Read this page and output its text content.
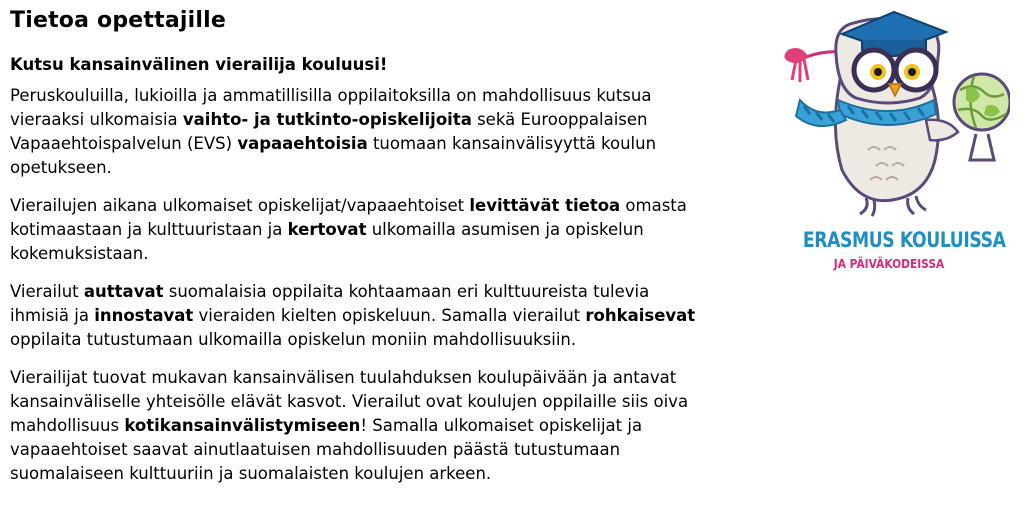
Tietoa opettajille
Kutsu kansainvälinen vierailija kouluusi!

Peruskouluilla, lukioilla ja ammatillisilla oppilaitoksilla on mahdollisuus kutsua vieraaksi ulkomaisia vaihto- ja tutkinto-opiskelijoita sekä Eurooppalaisen Vapaaehtoispalvelun (EVS) vapaaehtoisia tuomaan kansainvälisyyttä koulun opetukseen.

Vierailujen aikana ulkomaiset opiskelijat/vapaaehtoiset levittävät tietoa omasta kotimaastaan ja kulttuuristaan ja kertovat ulkomailla asumisen ja opiskelun kokemuksistaan.

Vierailut auttavat suomalaisia oppilaita kohtaamaan eri kulttuureista tulevia ihmisiä ja innostavat vieraiden kielten opiskeluun. Samalla vierailut rohkaisevat oppilaita tutustumaan ulkomailla opiskelun moniin mahdollisuuksiin.

Vierailijat tuovat mukavan kansainvälisen tuulahduksen koulupäivään ja antavat kansainväliselle yhteisölle elävät kasvot. Vierailut ovat koulujen oppilaille siis oiva mahdollisuus kotikansainvälistymiseen! Samalla ulkomaiset opiskelijat ja vapaaehtoiset saavat ainutlaatuisen mahdollisuuden päästä tutustumaan suomalaiseen kulttuuriin ja suomalaisten koulujen arkeen.

ERASMUS KOULUISSA
JA PÄIVÄKODEISSA
